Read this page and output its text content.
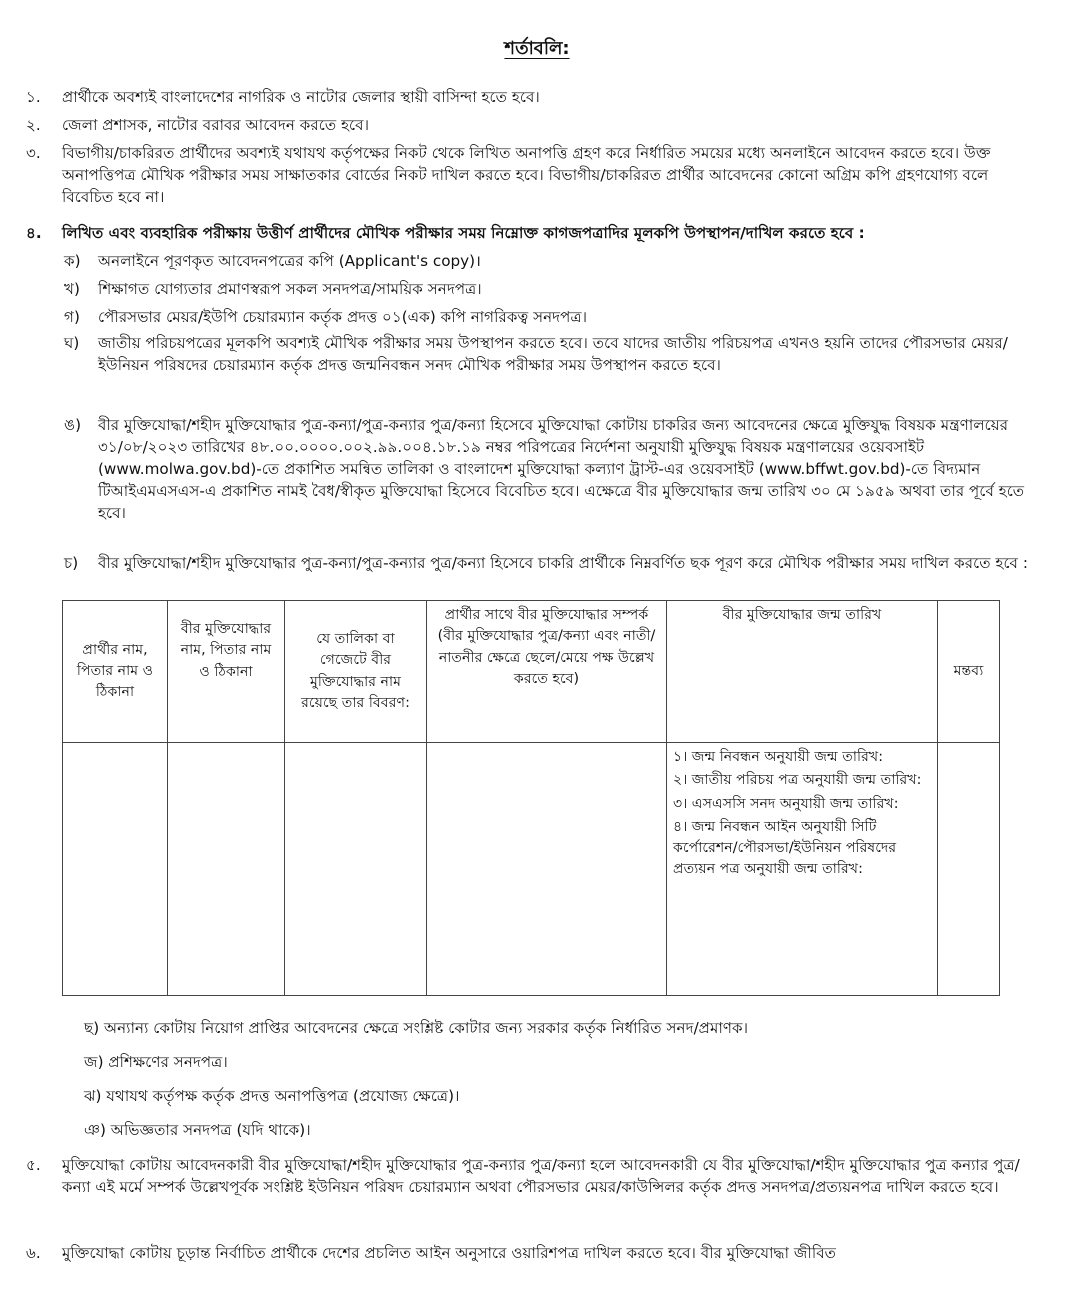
শর্তাবলি:
১.	প্রার্থীকে অবশ্যই বাংলাদেশের নাগরিক ও নাটোর জেলার স্থায়ী বাসিন্দা হতে হবে।
২.	জেলা প্রশাসক, নাটোর বরাবর আবেদন করতে হবে।
৩.	বিভাগীয়/চাকরিরত প্রার্থীদের অবশ্যই যথাযথ কর্তৃপক্ষের নিকট থেকে লিখিত অনাপত্তি গ্রহণ করে নির্ধারিত সময়ের মধ্যে অনলাইনে আবেদন করতে হবে। উক্ত অনাপত্তিপত্র মৌখিক পরীক্ষার সময় সাক্ষাতকার বোর্ডের নিকট দাখিল করতে হবে। বিভাগীয়/চাকরিরত প্রার্থীর আবেদনের কোনো অগ্রিম কপি গ্রহণযোগ্য বলে বিবেচিত হবে না।
৪.	লিখিত এবং ব্যবহারিক পরীক্ষায় উত্তীর্ণ প্রার্থীদের মৌখিক পরীক্ষার সময় নিম্নোক্ত কাগজপত্রাদির মূলকপি উপস্থাপন/দাখিল করতে হবে :
ক)	অনলাইনে পূরণকৃত আবেদনপত্রের কপি (Applicant's copy)।
খ)	শিক্ষাগত যোগ্যতার প্রমাণস্বরূপ সকল সনদপত্র/সাময়িক সনদপত্র।
গ)	পৌরসভার মেয়র/ইউপি চেয়ারম্যান কর্তৃক প্রদত্ত ০১(এক) কপি নাগরিকত্ব সনদপত্র।
ঘ)	জাতীয় পরিচয়পত্রের মূলকপি অবশ্যই মৌখিক পরীক্ষার সময় উপস্থাপন করতে হবে। তবে যাদের জাতীয় পরিচয়পত্র এখনও হয়নি তাদের পৌরসভার মেয়র/ইউনিয়ন পরিষদের চেয়ারম্যান কর্তৃক প্রদত্ত জন্মনিবন্ধন সনদ মৌখিক পরীক্ষার সময় উপস্থাপন করতে হবে।
ঙ)	বীর মুক্তিযোদ্ধা/শহীদ মুক্তিযোদ্ধার পুত্র-কন্যা/পুত্র-কন্যার পুত্র/কন্যা হিসেবে মুক্তিযোদ্ধা কোটায় চাকরির জন্য আবেদনের ক্ষেত্রে মুক্তিযুদ্ধ বিষয়ক মন্ত্রণালয়ের ৩১/০৮/২০২৩ তারিখের ৪৮.০০.০০০০.০০২.৯৯.০০৪.১৮.১৯ নম্বর পরিপত্রের নির্দেশনা অনুযায়ী মুক্তিযুদ্ধ বিষয়ক মন্ত্রণালয়ের ওয়েবসাইট (www.molwa.gov.bd)-তে প্রকাশিত সমন্বিত তালিকা ও বাংলাদেশ মুক্তিযোদ্ধা কল্যাণ ট্রাস্ট-এর ওয়েবসাইট (www.bffwt.gov.bd)-তে বিদ্যমান টিআইএমএসএস-এ প্রকাশিত নামই বৈধ/স্বীকৃত মুক্তিযোদ্ধা হিসেবে বিবেচিত হবে। এক্ষেত্রে বীর মুক্তিযোদ্ধার জন্ম তারিখ ৩০ মে ১৯৫৯ অথবা তার পূর্বে হতে হবে।
চ)	বীর মুক্তিযোদ্ধা/শহীদ মুক্তিযোদ্ধার পুত্র-কন্যা/পুত্র-কন্যার পুত্র/কন্যা হিসেবে চাকরি প্রার্থীকে নিম্নবর্ণিত ছক পূরণ করে মৌখিক পরীক্ষার সময় দাখিল করতে হবে :
প্রার্থীর নাম, পিতার নাম ও ঠিকানা	বীর মুক্তিযোদ্ধার নাম, পিতার নাম ও ঠিকানা	যে তালিকা বা গেজেটে বীর মুক্তিযোদ্ধার নাম রয়েছে তার বিবরণ:	প্রার্থীর সাথে বীর মুক্তিযোদ্ধার সম্পর্ক (বীর মুক্তিযোদ্ধার পুত্র/কন্যা এবং নাতী/নাতনীর ক্ষেত্রে ছেলে/মেয়ে পক্ষ উল্লেখ করতে হবে)	বীর মুক্তিযোদ্ধার জন্ম তারিখ	মন্তব্য

				১। জন্ম নিবন্ধন অনুযায়ী জন্ম তারিখ:
২। জাতীয় পরিচয় পত্র অনুযায়ী জন্ম তারিখ:
৩। এসএসসি সনদ অনুযায়ী জন্ম তারিখ:
৪। জন্ম নিবন্ধন আইন অনুযায়ী সিটি কর্পোরেশন/পৌরসভা/ইউনিয়ন পরিষদের প্রত্যয়ন পত্র অনুযায়ী জন্ম তারিখ:	

ছ) অন্যান্য কোটায় নিয়োগ প্রাপ্তির আবেদনের ক্ষেত্রে সংশ্লিষ্ট কোটার জন্য সরকার কর্তৃক নির্ধারিত সনদ/প্রমাণক।
জ) প্রশিক্ষণের সনদপত্র।
ঝ) যথাযথ কর্তৃপক্ষ কর্তৃক প্রদত্ত অনাপত্তিপত্র (প্রযোজ্য ক্ষেত্রে)।
ঞ) অভিজ্ঞতার সনদপত্র (যদি থাকে)।
৫.	মুক্তিযোদ্ধা কোটায় আবেদনকারী বীর মুক্তিযোদ্ধা/শহীদ মুক্তিযোদ্ধার পুত্র-কন্যার পুত্র/কন্যা হলে আবেদনকারী যে বীর মুক্তিযোদ্ধা/শহীদ মুক্তিযোদ্ধার পুত্র কন্যার পুত্র/কন্যা এই মর্মে সম্পর্ক উল্লেখপূর্বক সংশ্লিষ্ট ইউনিয়ন পরিষদ চেয়ারম্যান অথবা পৌরসভার মেয়র/কাউন্সিলর কর্তৃক প্রদত্ত সনদপত্র/প্রত্যয়নপত্র দাখিল করতে হবে।
৬.	মুক্তিযোদ্ধা কোটায় চূড়ান্ত নির্বাচিত প্রার্থীকে দেশের প্রচলিত আইন অনুসারে ওয়ারিশপত্র দাখিল করতে হবে। বীর মুক্তিযোদ্ধা জীবিত
